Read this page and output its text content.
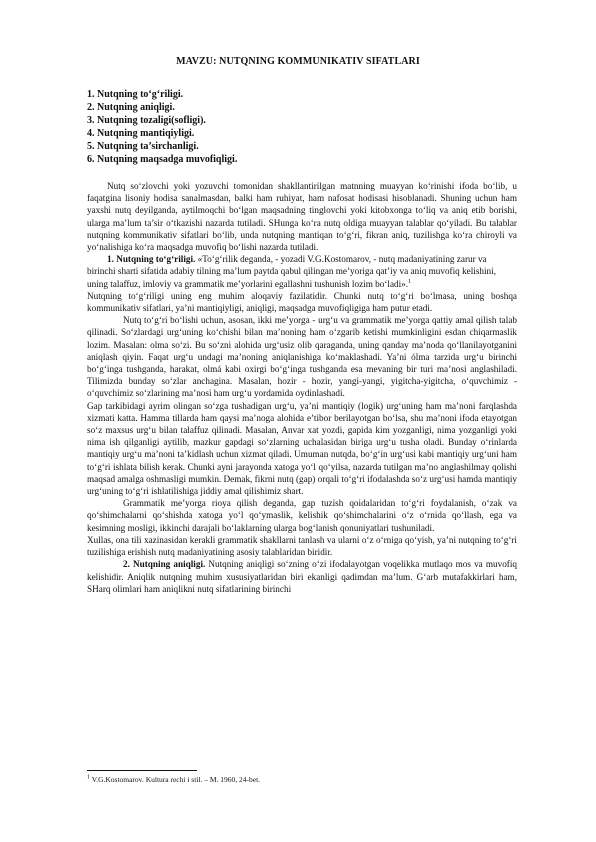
MAVZU: NUTQNING KOMMUNIKATIV SIFATLARI
1. Nutqning to‘g‘riligi.
2. Nutqning aniqligi.
3. Nutqning tozaligi(sofligi).
4. Nutqning mantiqiyligi.
5. Nutqning ta’sirchanligi.
6. Nutqning maqsadga muvofiqligi.

Nutq so‘zlovchi yoki yozuvchi tomonidan shakllantirilgan matnning muayyan ko‘rinishi ifoda bo‘lib, u faqatgina lisoniy hodisa sanalmasdan, balki ham ruhiyat, ham nafosat hodisasi hisoblanadi. Shuning uchun ham yaxshi nutq deyilganda, aytilmoqchi bo‘lgan maqsadning tinglovchi yoki kitobxonga to‘liq va aniq etib borishi, ularga ma’lum ta’sir o‘tkazishi nazarda tutiladi. SHunga ko‘ra nutq oldiga muayyan talablar qo‘yiladi. Bu talablar nutqning kommunikativ sifatlari bo‘lib, unda nutqning mantiqan to‘g‘ri, fikran aniq, tuzilishga ko‘ra chiroyli va yo‘nalishiga ko‘ra maqsadga muvofiq bo‘lishi nazarda tutiladi.

1. Nutqning to‘g‘riligi. «To‘g‘rilik deganda, - yozadi V.G.Kostomarov, - nutq madaniyatining zarur va birinchi sharti sifatida adabiy tilning ma’lum paytda qabul qilingan me’yoriga qat’iy va aniq muvofiq kelishini, uning talaffuz, imloviy va grammatik me’yorlarini egallashni tushunish lozim bo‘ladi».$^1$

Nutqning to‘g‘riligi uning eng muhim aloqaviy fazilatidir. Chunki nutq to‘g‘ri bo‘lmasa, uning boshqa kommunikativ sifatlari, ya’ni mantiqiyligi, aniqligi, maqsadga muvofiqligiga ham putur etadi.

Nutq to‘g‘ri bo‘lishi uchun, asosan, ikki me’yorga - urg‘u va grammatik me’yorga qattiy amal qilish talab qilinadi. So‘zlardagi urg‘uning ko‘chishi bilan ma’noning ham o‘zgarib ketishi mumkinligini esdan chiqarmaslik lozim. Masalan: olma so‘zi. Bu so‘zni alohida urg‘usiz olib qaraganda, uning qanday ma’noda qo‘llanilayotganini aniqlash qiyin. Faqat urg‘u undagi ma’noning aniqlanishiga ko‘maklashadi. Ya’ni ólma tarzida urg‘u birinchi bo‘g‘inga tushganda, harakat, olmá kabi oxirgi bo‘g‘inga tushganda esa mevaning bir turi ma’nosi anglashiladi. Tilimizda bunday so‘zlar anchagina. Masalan, hozir - hozir, yangi-yangi, yigitcha-yigitcha, o‘quvchimiz - o‘quvchimiz so‘zlarining ma’nosi ham urg‘u yordamida oydinlashadi.

Gap tarkibidagi ayrim olingan so‘zga tushadigan urg‘u, ya’ni mantiqiy (logik) urg‘uning ham ma’noni farqlashda xizmati katta. Hamma tillarda ham qaysi ma’noga alohida e’tibor berilayotgan bo‘lsa, shu ma’noni ifoda etayotgan so‘z maxsus urg‘u bilan talaffuz qilinadi. Masalan, Anvar xat yozdi, gapida kim yozganligi, nima yozganligi yoki nima ish qilganligi aytilib, mazkur gapdagi so‘zlarning uchalasidan biriga urg‘u tusha oladi. Bunday o‘rinlarda mantiqiy urg‘u ma’noni ta’kidlash uchun xizmat qiladi. Umuman nutqda, bo‘g‘in urg‘usi kabi mantiqiy urg‘uni ham to‘g‘ri ishlata bilish kerak. Chunki ayni jarayonda xatoga yo‘l qo‘yilsa, nazarda tutilgan ma’no anglashilmay qolishi maqsad amalga oshmasligi mumkin. Demak, fikrni nutq (gap) orqali to‘g‘ri ifodalashda so‘z urg‘usi hamda mantiqiy urg‘uning to‘g‘ri ishlatilishiga jiddiy amal qilishimiz shart.

Grammatik me’yorga rioya qilish deganda, gap tuzish qoidalaridan to‘g‘ri foydalanish, o‘zak va qo‘shimchalarni qo‘shishda xatoga yo‘l qo‘ymaslik, kelishik qo‘shimchalarini o‘z o‘rnida qo‘llash, ega va kesimning mosligi, ikkinchi darajali bo‘laklarning ularga bog‘lanish qonuniyatlari tushuniladi.

Xullas, ona tili xazinasidan kerakli grammatik shakllarni tanlash va ularni o‘z o‘rniga qo‘yish, ya’ni nutqning to‘g‘ri tuzilishiga erishish nutq madaniyatining asosiy talablaridan biridir.

2. Nutqning aniqligi. Nutqning aniqligi so‘zning o‘zi ifodalayotgan voqelikka mutlaqo mos va muvofiq kelishidir. Aniqlik nutqning muhim xususiyatlaridan biri ekanligi qadimdan ma’lum. G‘arb mutafakkirlari ham, SHarq olimlari ham aniqlikni nutq sifatlarining birinchi

$^1$ V.G.Kostomarov. Kultura rechi i stil. – M. 1960, 24-bet.
